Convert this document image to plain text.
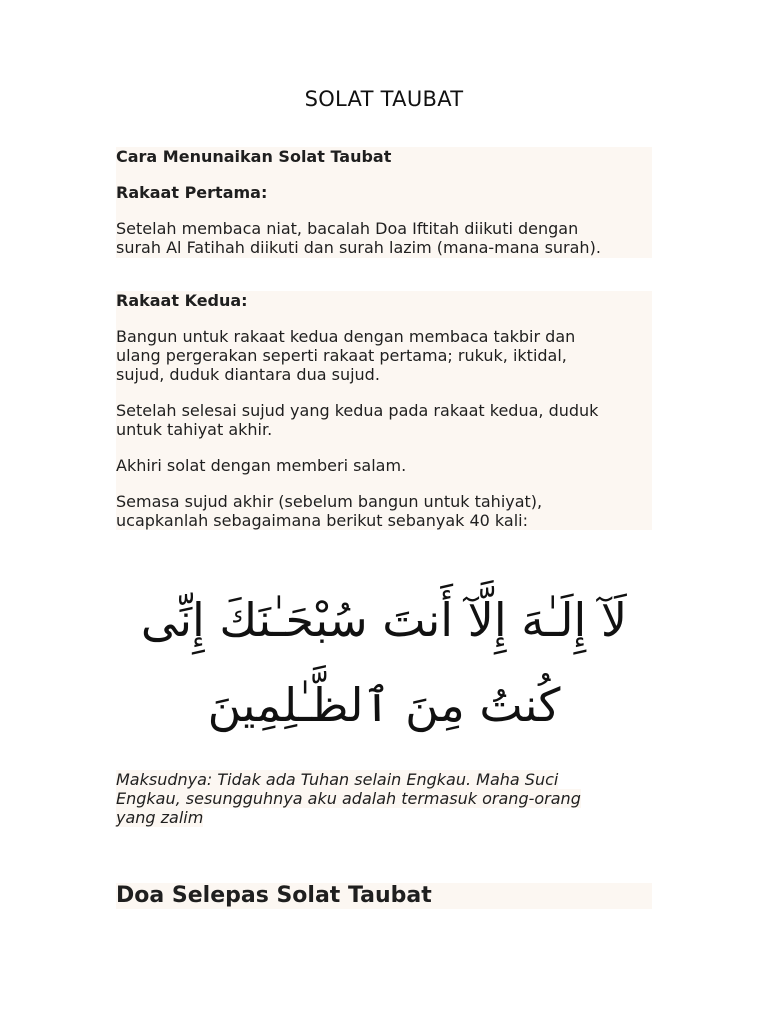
SOLAT TAUBAT

Cara Menunaikan Solat Taubat

Rakaat Pertama:

Setelah membaca niat, bacalah Doa Iftitah diikuti dengan

surah Al Fatihah diikuti dan surah lazim (mana-mana surah).

Rakaat Kedua:

Bangun untuk rakaat kedua dengan membaca takbir dan

ulang pergerakan seperti rakaat pertama; rukuk, iktidal,

sujud, duduk diantara dua sujud.

Setelah selesai sujud yang kedua pada rakaat kedua, duduk

untuk tahiyat akhir.

Akhiri solat dengan memberi salam.

Semasa sujud akhir (sebelum bangun untuk tahiyat),

ucapkanlah sebagaimana berikut sebanyak 40 kali:

لَآ إِلَـٰهَ إِلَّآ أَنتَ سُبْحَـٰنَكَ إِنِّى
كُنتُ مِنَ ٱلظَّـٰلِمِينَ
Maksudnya: Tidak ada Tuhan selain Engkau. Maha Suci
Engkau, sesungguhnya aku adalah termasuk orang-orang
yang zalim
Doa Selepas Solat Taubat
